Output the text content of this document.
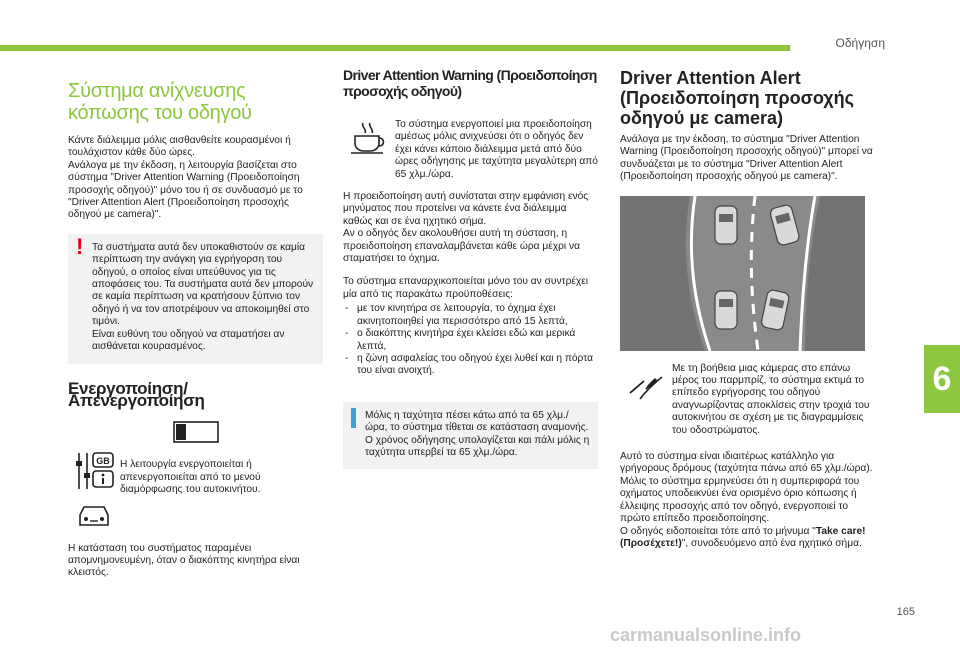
Οδήγηση
6
165
carmanualsonline.info
Σύστημα ανίχνευσης κόπωσης του οδηγού

Κάντε διάλειμμα μόλις αισθανθείτε κουρασμένοι ή τουλάχιστον κάθε δύο ώρες.

Ανάλογα με την έκδοση, η λειτουργία βασίζεται στο σύστημα "Driver Attention Warning (Προειδοποίηση προσοχής οδηγού)" μόνο του ή σε συνδυασμό με το "Driver Attention Alert (Προειδοποίηση προσοχής οδηγού με camera)".

! Τα συστήματα αυτά δεν υποκαθιστούν σε καμία περίπτωση την ανάγκη για εγρήγορση του οδηγού, ο οποίος είναι υπεύθυνος για τις αποφάσεις του. Τα συστήματα αυτά δεν μπορούν σε καμία περίπτωση να κρατήσουν ξύπνιο τον οδηγό ή να τον αποτρέψουν να αποκοιμηθεί στο τιμόνι.
Είναι ευθύνη του οδηγού να σταματήσει αν αισθάνεται κουρασμένος.
Ενεργοποίηση/Απενεργοποίηση
GB Η λειτουργία ενεργοποιείται ή απενεργοποιείται από το μενού διαμόρφωσης του αυτοκινήτου.

Η κατάσταση του συστήματος παραμένει απομνημονευμένη, όταν ο διακόπτης κινητήρα είναι κλειστός.

Driver Attention Warning (Προειδοποίηση προσοχής οδηγού)
Το σύστημα ενεργοποιεί μια προειδοποίηση αμέσως μόλις ανιχνεύσει ότι ο οδηγός δεν έχει κάνει κάποιο διάλειμμα μετά από δύο ώρες οδήγησης με ταχύτητα μεγαλύτερη από 65 χλμ./ώρα.

Η προειδοποίηση αυτή συνίσταται στην εμφάνιση ενός μηνύματος που προτείνει να κάνετε ένα διάλειμμα καθώς και σε ένα ηχητικό σήμα.

Αν ο οδηγός δεν ακολουθήσει αυτή τη σύσταση, η προειδοποίηση επαναλαμβάνεται κάθε ώρα μέχρι να σταματήσει το όχημα.

Το σύστημα επαναρχικοποιείται μόνο του αν συντρέχει μία από τις παρακάτω προϋποθέσεις:

- με τον κινητήρα σε λειτουργία, το όχημα έχει ακινητοποιηθεί για περισσότερο από 15 λεπτά,
- ο διακόπτης κινητήρα έχει κλείσει εδώ και μερικά λεπτά,
- η ζώνη ασφαλείας του οδηγού έχει λυθεί και η πόρτα του είναι ανοιχτή.
Μόλις η ταχύτητα πέσει κάτω από τα 65 χλμ./ώρα, το σύστημα τίθεται σε κατάσταση αναμονής.
Ο χρόνος οδήγησης υπολογίζεται και πάλι μόλις η ταχύτητα υπερβεί τα 65 χλμ./ώρα.
Driver Attention Alert (Προειδοποίηση προσοχής οδηγού με camera)

Ανάλογα με την έκδοση, το σύστημα "Driver Attention Warning (Προειδοποίηση προσοχής οδηγού)" μπορεί να συνδυάζεται με το σύστημα "Driver Attention Alert (Προειδοποίηση προσοχής οδηγού με camera)".

Με τη βοήθεια μιας κάμερας στο επάνω μέρος του παρμπρίζ, το σύστημα εκτιμά το επίπεδο εγρήγορσης του οδηγού αναγνωρίζοντας αποκλίσεις στην τροχιά του αυτοκινήτου σε σχέση με τις διαγραμμίσεις του οδοστρώματος.

Αυτό το σύστημα είναι ιδιαιτέρως κατάλληλο για γρήγορους δρόμους (ταχύτητα πάνω από 65 χλμ./ώρα).

Μόλις το σύστημα ερμηνεύσει ότι η συμπεριφορά του οχήματος υποδεικνύει ένα ορισμένο όριο κόπωσης ή έλλειψης προσοχής από τον οδηγό, ενεργοποιεί το πρώτο επίπεδο προειδοποίησης.

Ο οδηγός ειδοποιείται τότε από το μήνυμα "Take care! (Προσέχετε!)", συνοδευόμενο από ένα ηχητικό σήμα.
